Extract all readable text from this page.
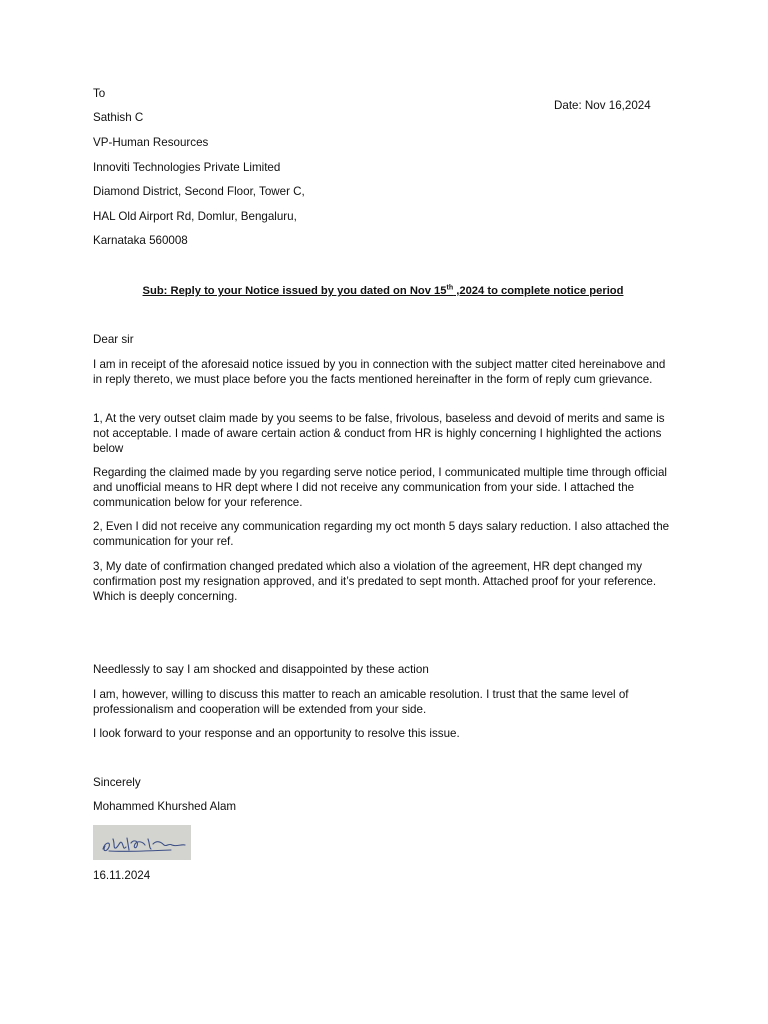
To

Date: Nov 16,2024

Sathish C

VP-Human Resources

Innoviti Technologies Private Limited

Diamond District, Second Floor, Tower C,

HAL Old Airport Rd, Domlur, Bengaluru,

Karnataka 560008

Sub: Reply to your Notice issued by you dated on Nov 15th ,2024 to complete notice period

Dear sir

I am in receipt of the aforesaid notice issued by you in connection with the subject matter cited hereinabove and in reply thereto, we must place before you the facts mentioned hereinafter in the form of reply cum grievance.

1, At the very outset claim made by you seems to be false, frivolous, baseless and devoid of merits and same is not acceptable. I made of aware certain action & conduct from HR is highly concerning I highlighted the actions below

Regarding the claimed made by you regarding serve notice period, I communicated multiple time through official and unofficial means to HR dept where I did not receive any communication from your side. I attached the communication below for your reference.

2, Even I did not receive any communication regarding my oct month 5 days salary reduction. I also attached the communication for your ref.

3, My date of confirmation changed predated which also a violation of the agreement, HR dept changed my confirmation post my resignation approved, and it’s predated to sept month. Attached proof for your reference. Which is deeply concerning.

Needlessly to say I am shocked and disappointed by these action

I am, however, willing to discuss this matter to reach an amicable resolution. I trust that the same level of professionalism and cooperation will be extended from your side.

I look forward to your response and an opportunity to resolve this issue.

Sincerely

Mohammed Khurshed Alam

16.11.2024
